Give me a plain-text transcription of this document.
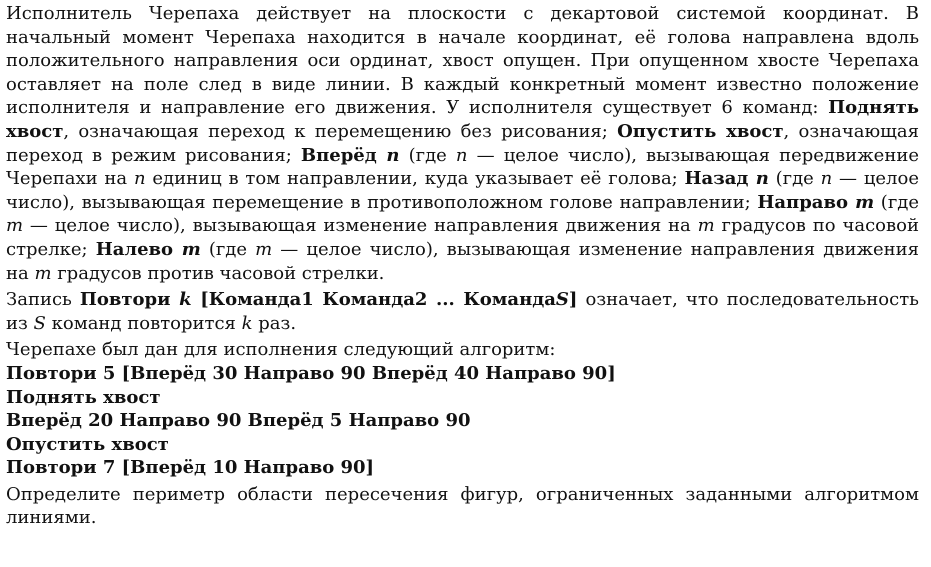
Исполнитель Черепаха действует на плоскости с декартовой системой координат. В начальный момент Черепаха находится в начале координат, её голова направлена вдоль положительного направления оси ординат, хвост опущен. При опущенном хвосте Черепаха оставляет на поле след в виде линии. В каждый конкретный момент известно положение исполнителя и направление его движения. У исполнителя существует 6 команд: Поднять хвост, означающая переход к перемещению без рисования; Опустить хвост, означающая переход в режим рисования; Вперёд n (где n — целое число), вызывающая передвижение Черепахи на n единиц в том направлении, куда указывает её голова; Назад n (где n — целое число), вызывающая перемещение в противоположном голове направлении; Направо m (где m — целое число), вызывающая изменение направления движения на m градусов по часовой стрелке; Налево m (где m — целое число), вызывающая изменение направления движения на m градусов против часовой стрелки.

Запись Повтори k [Команда1 Команда2 ... КомандаS] означает, что последовательность из S команд повторится k раз.

Черепахе был дан для исполнения следующий алгоритм:

Повтори 5 [Вперёд 30 Направо 90 Вперёд 40 Направо 90]

Поднять хвост

Вперёд 20 Направо 90 Вперёд 5 Направо 90

Опустить хвост

Повтори 7 [Вперёд 10 Направо 90]

Определите периметр области пересечения фигур, ограниченных заданными алгоритмом линиями.
